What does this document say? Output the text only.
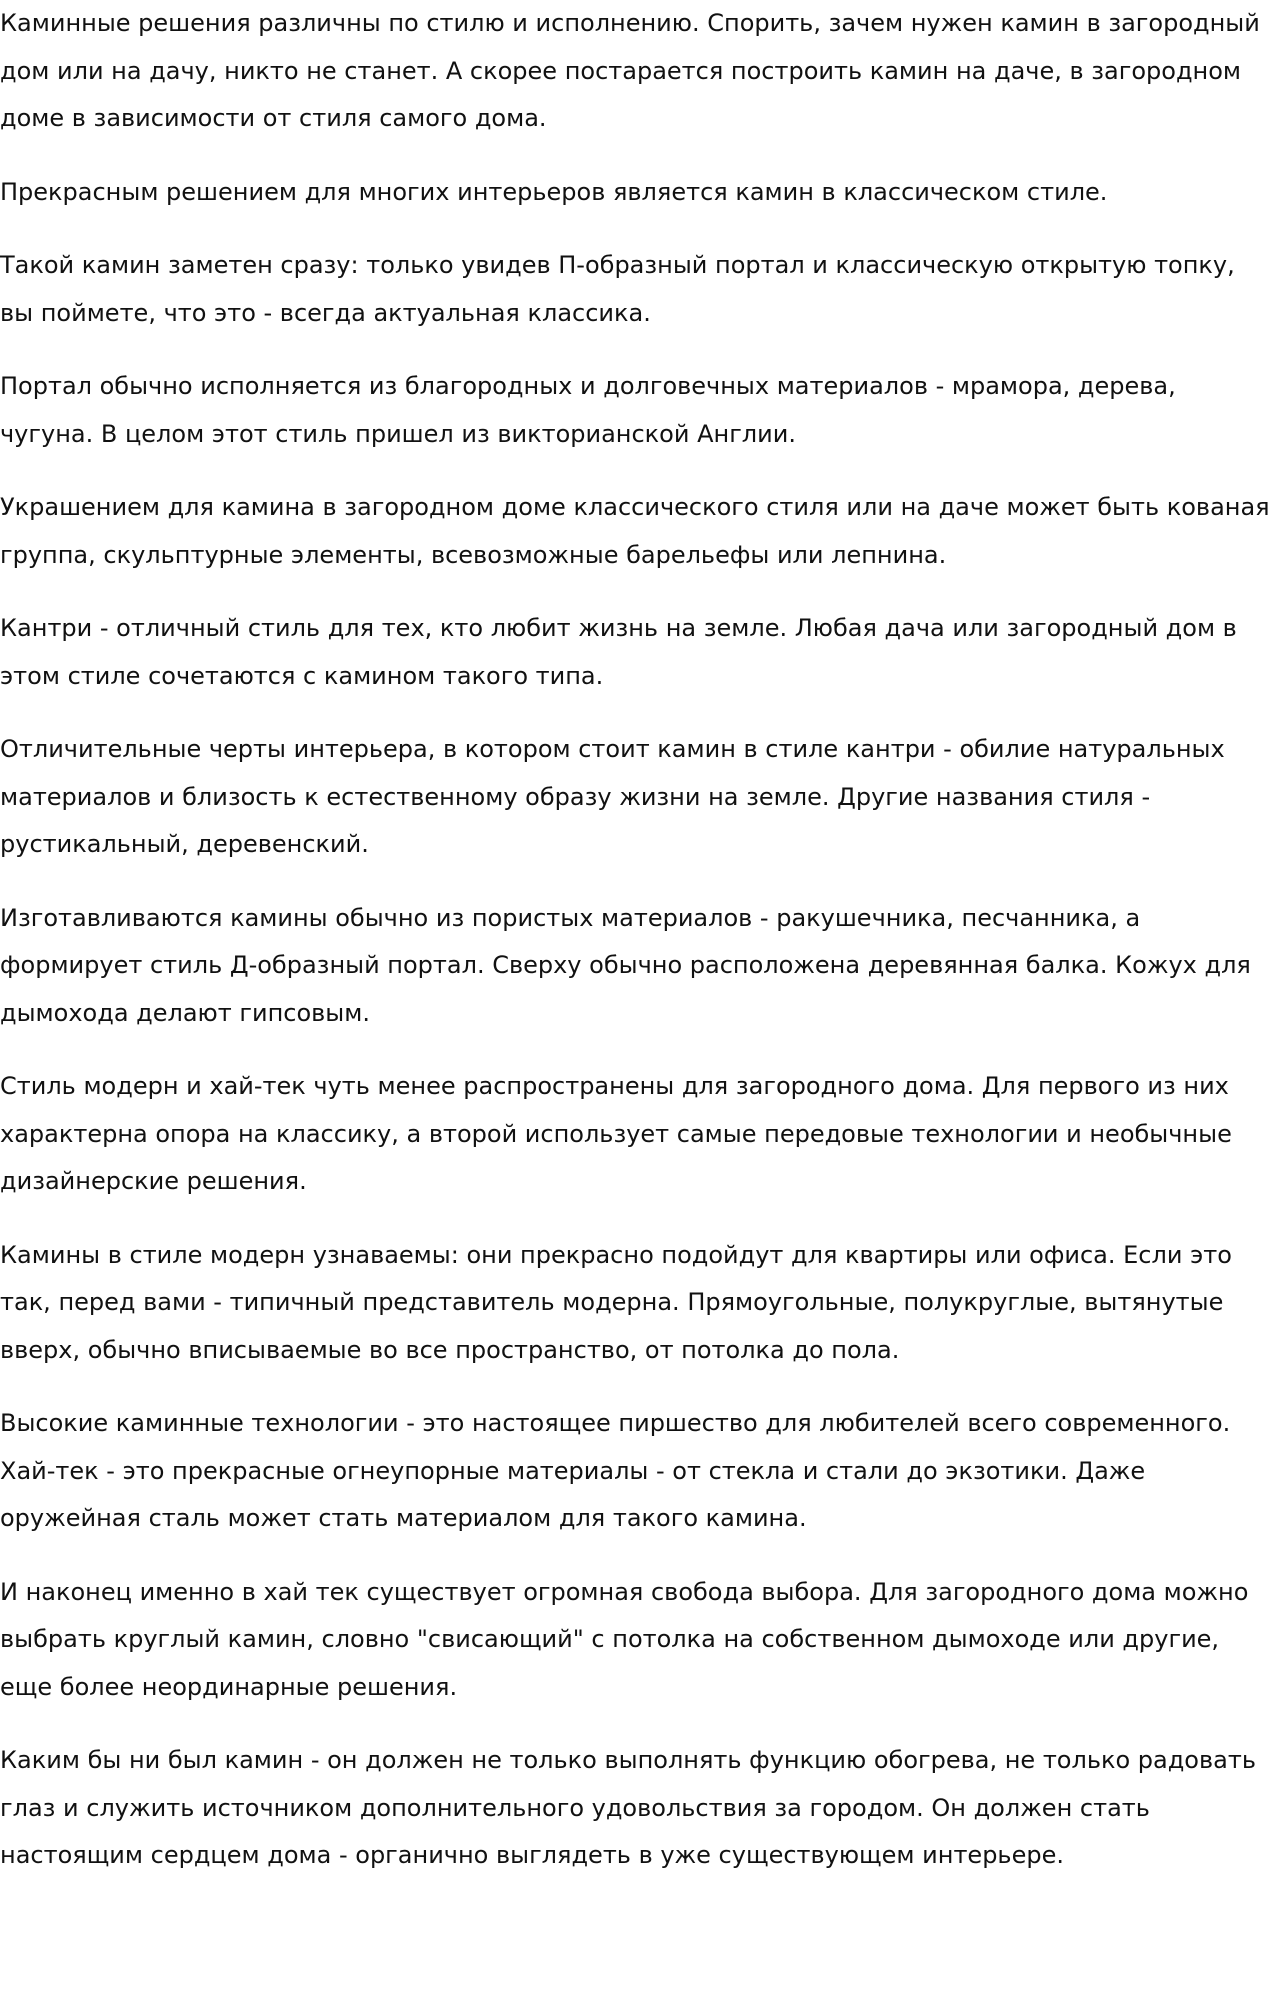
Каминные решения различны по стилю и исполнению. Спорить, зачем нужен камин в загородный дом или на дачу, никто не станет. А скорее постарается построить камин на даче, в загородном доме в зависимости от стиля самого дома.

Прекрасным решением для многих интерьеров является камин в классическом стиле.

Такой камин заметен сразу: только увидев П-образный портал и классическую открытую топку, вы поймете, что это - всегда актуальная классика.

Портал обычно исполняется из благородных и долговечных материалов - мрамора, дерева, чугуна. В целом этот стиль пришел из викторианской Англии.

Украшением для камина в загородном доме классического стиля или на даче может быть кованая группа, скульптурные элементы, всевозможные барельефы или лепнина.

Кантри - отличный стиль для тех, кто любит жизнь на земле. Любая дача или загородный дом в этом стиле сочетаются с камином такого типа.

Отличительные черты интерьера, в котором стоит камин в стиле кантри - обилие натуральных материалов и близость к естественному образу жизни на земле. Другие названия стиля - рустикальный, деревенский.

Изготавливаются камины обычно из пористых материалов - ракушечника, песчанника, а формирует стиль Д-образный портал. Сверху обычно расположена деревянная балка. Кожух для дымохода делают гипсовым.

Стиль модерн и хай-тек чуть менее распространены для загородного дома. Для первого из них характерна опора на классику, а второй использует самые передовые технологии и необычные дизайнерские решения.

Камины в стиле модерн узнаваемы: они прекрасно подойдут для квартиры или офиса. Если это так, перед вами - типичный представитель модерна. Прямоугольные, полукруглые, вытянутые вверх, обычно вписываемые во все пространство, от потолка до пола.

Высокие каминные технологии - это настоящее пиршество для любителей всего современного. Хай-тек - это прекрасные огнеупорные материалы - от стекла и стали до экзотики. Даже оружейная сталь может стать материалом для такого камина.

И наконец именно в хай тек существует огромная свобода выбора. Для загородного дома можно выбрать круглый камин, словно "свисающий" с потолка на собственном дымоходе или другие, еще более неординарные решения.

Каким бы ни был камин - он должен не только выполнять функцию обогрева, не только радовать глаз и служить источником дополнительного удовольствия за городом. Он должен стать настоящим сердцем дома - органично выглядеть в уже существующем интерьере.
